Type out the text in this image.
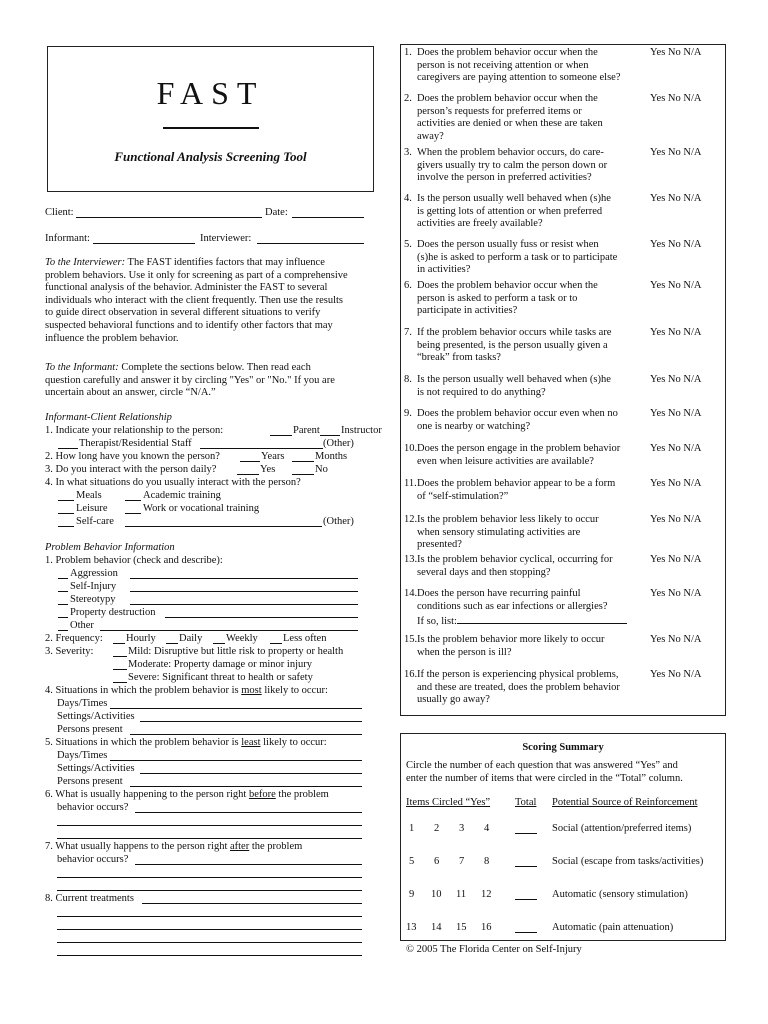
FAST
Functional Analysis Screening Tool
Client:	Date:
Informant:	Interviewer:
To the Interviewer: The FAST identifies factors that may influence
problem behaviors. Use it only for screening as part of a comprehensive
functional analysis of the behavior. Administer the FAST to several
individuals who interact with the client frequently. Then use the results
to guide direct observation in several different situations to verify
suspected behavioral functions and to identify other factors that may
influence the problem behavior.
To the Informant: Complete the sections below. Then read each
question carefully and answer it by circling "Yes" or "No." If you are
uncertain about an answer, circle “N/A.”
Informant-Client Relationship
1. Indicate your relationship to the person:	Parent Instructor
Therapist/Residential Staff	(Other)
2. How long have you known the person?	Years	Months
3. Do you interact with the person daily?	Yes	No
4. In what situations do you usually interact with the person?
Meals	Academic training
Leisure	Work or vocational training
Self-care	(Other)
Problem Behavior Information
1. Problem behavior (check and describe):
Aggression
Self-Injury
Stereotypy
Property destruction
Other
2. Frequency: Hourly Daily Weekly Less often
3. Severity:	Mild: Disruptive but little risk to property or health
Moderate: Property damage or minor injury
Severe: Significant threat to health or safety
4. Situations in which the problem behavior is most likely to occur:
Days/Times
Settings/Activities
Persons present
5. Situations in which the problem behavior is least likely to occur:
Days/Times
Settings/Activities
Persons present
6. What is usually happening to the person right before the problem
behavior occurs?
7. What usually happens to the person right after the problem
behavior occurs?
8. Current treatments
1. Does the problem behavior occur when the
person is not receiving attention or when
caregivers are paying attention to someone else?
Yes No N/A
2. Does the problem behavior occur when the
person’s requests for preferred items or
activities are denied or when these are taken
away?
Yes No N/A
3. When the problem behavior occurs, do care-
givers usually try to calm the person down or
involve the person in preferred activities?
Yes No N/A
4. Is the person usually well behaved when (s)he
is getting lots of attention or when preferred
activities are freely available?
Yes No N/A
5. Does the person usually fuss or resist when
(s)he is asked to perform a task or to participate
in activities?
Yes No N/A
6. Does the problem behavior occur when the
person is asked to perform a task or to
participate in activities?
Yes No N/A
7. If the problem behavior occurs while tasks are
being presented, is the person usually given a
“break” from tasks?
Yes No N/A
8. Is the person usually well behaved when (s)he
is not required to do anything?
Yes No N/A
9. Does the problem behavior occur even when no
one is nearby or watching?
Yes No N/A
10. Does the person engage in the problem behavior
even when leisure activities are available?
Yes No N/A
11. Does the problem behavior appear to be a form
of “self-stimulation?”
Yes No N/A
12. Is the problem behavior less likely to occur
when sensory stimulating activities are
presented?
Yes No N/A
13. Is the problem behavior cyclical, occurring for
several days and then stopping?
Yes No N/A
14. Does the person have recurring painful
conditions such as ear infections or allergies?
If so, list:
Yes No N/A
15. Is the problem behavior more likely to occur
when the person is ill?
Yes No N/A
16. If the person is experiencing physical problems,
and these are treated, does the problem behavior
usually go away?
Yes No N/A
Scoring Summary
Circle the number of each question that was answered “Yes” and
enter the number of items that were circled in the “Total” column.
Items Circled “Yes” Total Potential Source of Reinforcement
1 2 3 4	Social (attention/preferred items)
5 6 7 8	Social (escape from tasks/activities)
9 10 11 12	Automatic (sensory stimulation)
13 14 15 16	Automatic (pain attenuation)
© 2005 The Florida Center on Self-Injury
